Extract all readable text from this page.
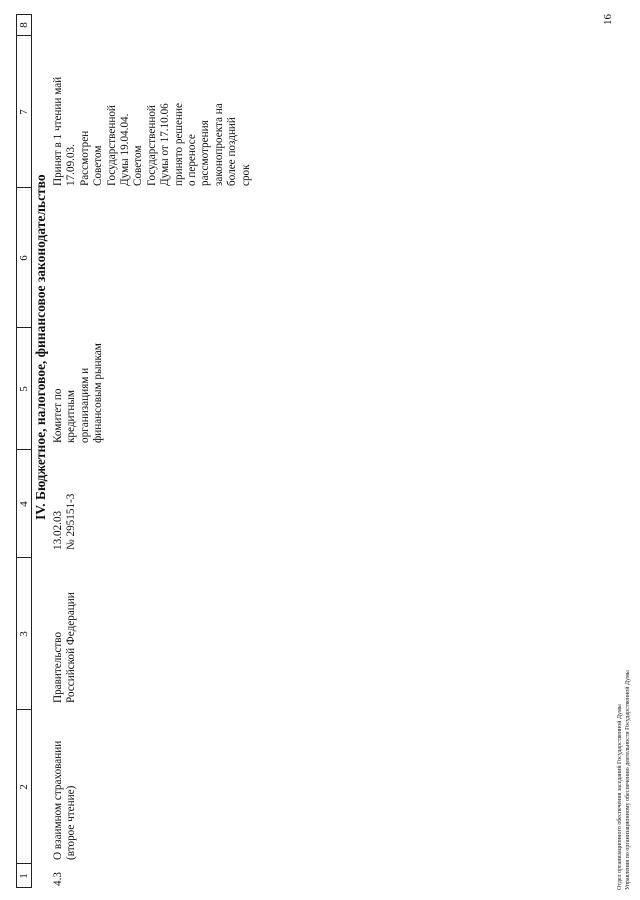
1
2
3
4
5
6
7
8
IV. Бюджетное, налоговое, финансовое законодательство
4.3
О взаимном страховании (второе чтение)
Правительство Российской Федерации
13.02.03 № 295151-3
Комитет по кредитным организациям и финансовым рынкам
Принят в 1 чтении май 17.09.03. Рассмотрен Советом Государственной Думы 19.04.04. Советом Государственной Думы от 17.10.06 принято решение о переносе рассмотрения законопроекта на более поздний срок
Отдел организационного обеспечения заседаний Государственной Думы Управления по организационному обеспечению деятельности Государственной Думы
16
